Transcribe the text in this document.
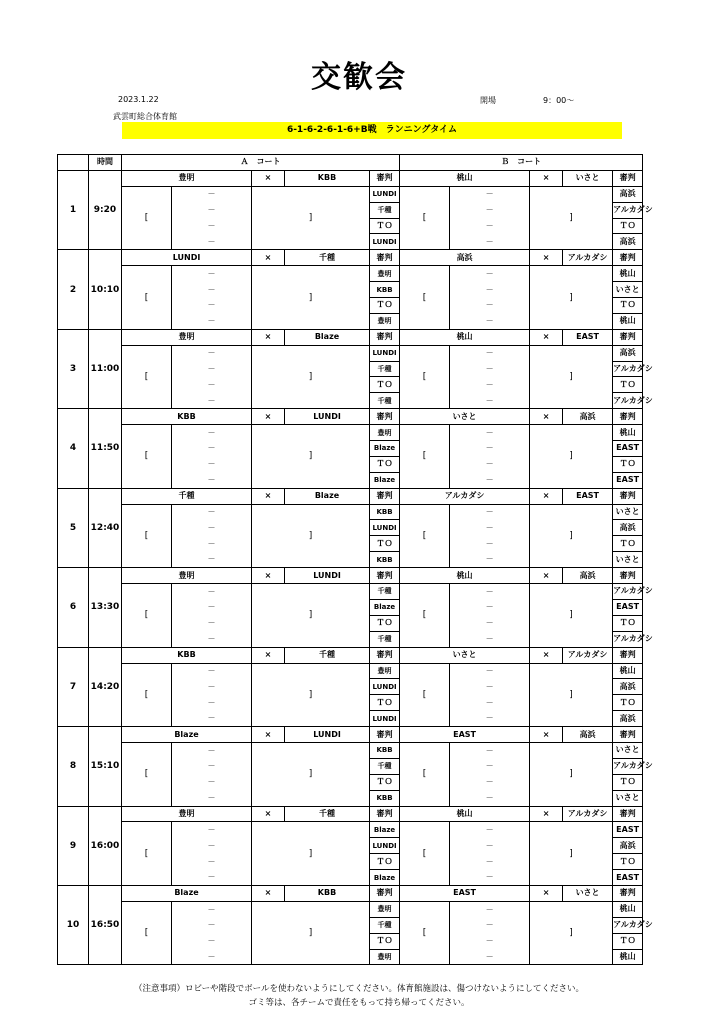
交歓会
2023.1.22
武雲町総合体育館
開場	9：00～
6-1-6-2-6-1-6+B戦　ランニングタイム
	時間	Ａ　コート					Ｂ　コート				
1	9:20	豊明		×	KBB	審判	桃山		×	いさと	審判
		[	－	]		LUNDI	[	－	]		高浜
			－			千種		－			アルカダシ
			－			ＴＯ		－			ＴＯ
			－			LUNDI		－			高浜
2	10:10	LUNDI		×	千種	審判	高浜		×	アルカダシ	審判
		[	－	]		豊明	[	－	]		桃山
			－			KBB		－			いさと
			－			ＴＯ		－			ＴＯ
			－			豊明		－			桃山
3	11:00	豊明		×	Blaze	審判	桃山		×	EAST	審判
		[	－	]		LUNDI	[	－	]		高浜
			－			千種		－			アルカダシ
			－			ＴＯ		－			ＴＯ
			－			千種		－			アルカダシ
4	11:50	KBB		×	LUNDI	審判	いさと		×	高浜	審判
		[	－	]		豊明	[	－	]		桃山
			－			Blaze		－			EAST
			－			ＴＯ		－			ＴＯ
			－			Blaze		－			EAST
5	12:40	千種		×	Blaze	審判	アルカダシ		×	EAST	審判
		[	－	]		KBB	[	－	]		いさと
			－			LUNDI		－			高浜
			－			ＴＯ		－			ＴＯ
			－			KBB		－			いさと
6	13:30	豊明		×	LUNDI	審判	桃山		×	高浜	審判
		[	－	]		千種	[	－	]		アルカダシ
			－			Blaze		－			EAST
			－			ＴＯ		－			ＴＯ
			－			千種		－			アルカダシ
7	14:20	KBB		×	千種	審判	いさと		×	アルカダシ	審判
		[	－	]		豊明	[	－	]		桃山
			－			LUNDI		－			高浜
			－			ＴＯ		－			ＴＯ
			－			LUNDI		－			高浜
8	15:10	Blaze		×	LUNDI	審判	EAST		×	高浜	審判
		[	－	]		KBB	[	－	]		いさと
			－			千種		－			アルカダシ
			－			ＴＯ		－			ＴＯ
			－			KBB		－			いさと
9	16:00	豊明		×	千種	審判	桃山		×	アルカダシ	審判
		[	－	]		Blaze	[	－	]		EAST
			－			LUNDI		－			高浜
			－			ＴＯ		－			ＴＯ
			－			Blaze		－			EAST
10	16:50	Blaze		×	KBB	審判	EAST		×	いさと	審判
		[	－	]		豊明	[	－	]		桃山
			－			千種		－			アルカダシ
			－			ＴＯ		－			ＴＯ
			－			豊明		－			桃山
（注意事項）ロビーや階段でボールを使わないようにしてください。体育館施設は、傷つけないようにしてください。
ゴミ等は、各チームで責任をもって持ち帰ってください。
